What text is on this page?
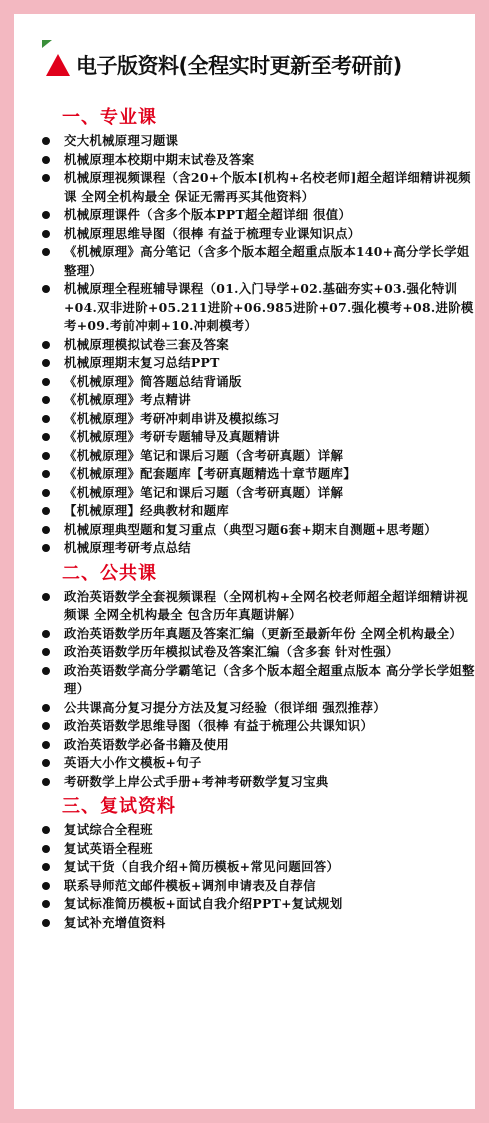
电子版资料(全程实时更新至考研前)
一、专业课
交大机械原理习题课
机械原理本校期中期末试卷及答案
机械原理视频课程（含20+个版本[机构+名校老师]超全超详细精讲视频课 全网全机构最全 保证无需再买其他资料）
机械原理课件（含多个版本PPT超全超详细 很值）
机械原理思维导图（很棒 有益于梳理专业课知识点）
《机械原理》高分笔记（含多个版本超全超重点版本140+高分学长学姐整理）
机械原理全程班辅导课程（01.入门导学+02.基础夯实+03.强化特训+04.双非进阶+05.211进阶+06.985进阶+07.强化模考+08.进阶模考+09.考前冲刺+10.冲刺模考）
机械原理模拟试卷三套及答案
机械原理期末复习总结PPT
《机械原理》简答题总结背诵版
《机械原理》考点精讲
《机械原理》考研冲刺串讲及模拟练习
《机械原理》考研专题辅导及真题精讲
《机械原理》笔记和课后习题（含考研真题）详解
《机械原理》配套题库【考研真题精选十章节题库】
《机械原理》笔记和课后习题（含考研真题）详解
【机械原理】经典教材和题库
机械原理典型题和复习重点（典型习题6套+期末自测题+思考题）
机械原理考研考点总结
二、公共课
政治英语数学全套视频课程（全网机构+全网名校老师超全超详细精讲视频课 全网全机构最全 包含历年真题讲解）
政治英语数学历年真题及答案汇编（更新至最新年份 全网全机构最全）
政治英语数学历年模拟试卷及答案汇编（含多套 针对性强）
政治英语数学高分学霸笔记（含多个版本超全超重点版本 高分学长学姐整理）
公共课高分复习提分方法及复习经验（很详细 强烈推荐）
政治英语数学思维导图（很棒 有益于梳理公共课知识）
政治英语数学必备书籍及使用
英语大小作文模板+句子
考研数学上岸公式手册+考神考研数学复习宝典
三、复试资料
复试综合全程班
复试英语全程班
复试干货（自我介绍+简历模板+常见问题回答）
联系导师范文邮件模板+调剂申请表及自荐信
复试标准简历模板+面试自我介绍PPT+复试规划
复试补充增值资料
